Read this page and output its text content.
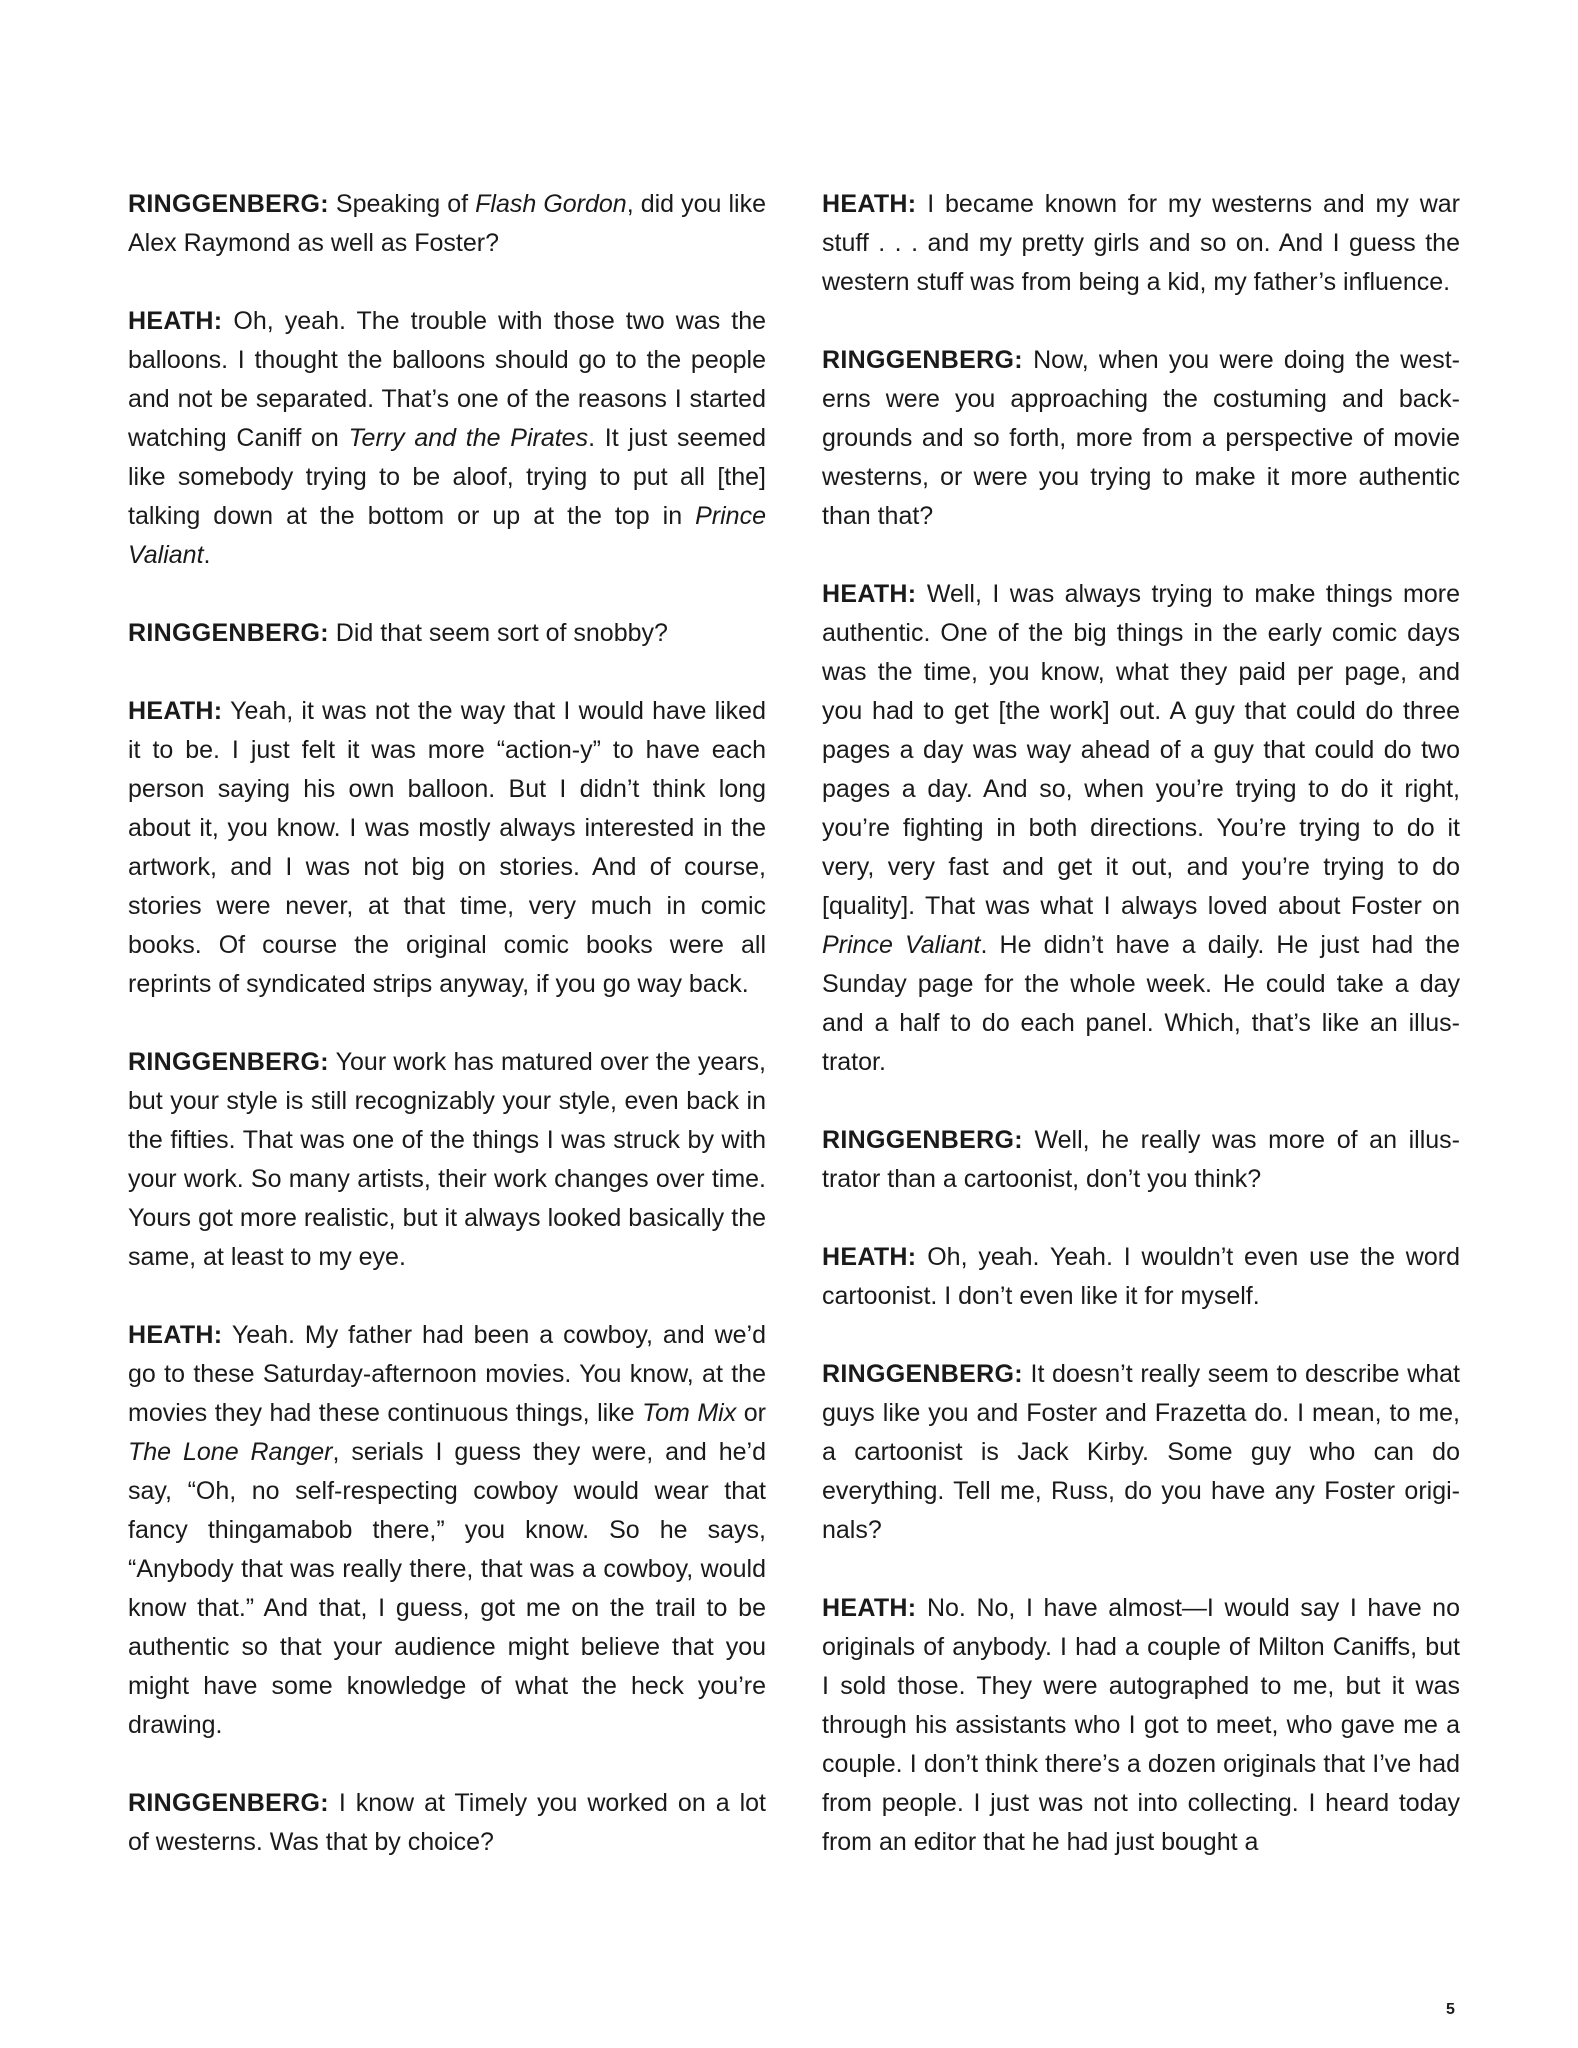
RINGGENBERG: Speaking of Flash Gordon, did you like Alex Raymond as well as Foster?

HEATH: Oh, yeah. The trouble with those two was the balloons. I thought the balloons should go to the people and not be separated. That’s one of the reasons I started watching Caniff on Terry and the Pirates. It just seemed like somebody trying to be aloof, trying to put all [the] talking down at the bottom or up at the top in Prince Valiant.

RINGGENBERG: Did that seem sort of snobby?

HEATH: Yeah, it was not the way that I would have liked it to be. I just felt it was more “action-y” to have each person saying his own balloon. But I didn’t think long about it, you know. I was mostly always interested in the artwork, and I was not big on stories. And of course, stories were never, at that time, very much in comic books. Of course the original comic books were all reprints of syndicated strips anyway, if you go way back.

RINGGENBERG: Your work has matured over the years, but your style is still recognizably your style, even back in the fifties. That was one of the things I was struck by with your work. So many artists, their work changes over time. Yours got more realistic, but it always looked basically the same, at least to my eye.

HEATH: Yeah. My father had been a cowboy, and we’d go to these Saturday-afternoon movies. You know, at the movies they had these continuous things, like Tom Mix or The Lone Ranger, serials I guess they were, and he’d say, “Oh, no self-respecting cowboy would wear that fancy thingamabob there,” you know. So he says, “Anybody that was really there, that was a cowboy, would know that.” And that, I guess, got me on the trail to be authentic so that your audience might believe that you might have some knowledge of what the heck you’re drawing.

RINGGENBERG: I know at Timely you worked on a lot of westerns. Was that by choice?

HEATH: I became known for my westerns and my war stuff . . . and my pretty girls and so on. And I guess the western stuff was from being a kid, my father’s influence.

RINGGENBERG: Now, when you were doing the westerns were you approaching the costuming and backgrounds and so forth, more from a perspective of movie westerns, or were you trying to make it more authentic than that?

HEATH: Well, I was always trying to make things more authentic. One of the big things in the early comic days was the time, you know, what they paid per page, and you had to get [the work] out. A guy that could do three pages a day was way ahead of a guy that could do two pages a day. And so, when you’re trying to do it right, you’re fighting in both directions. You’re trying to do it very, very fast and get it out, and you’re trying to do [quality]. That was what I always loved about Foster on Prince Valiant. He didn’t have a daily. He just had the Sunday page for the whole week. He could take a day and a half to do each panel. Which, that’s like an illustrator.

RINGGENBERG: Well, he really was more of an illustrator than a cartoonist, don’t you think?

HEATH: Oh, yeah. Yeah. I wouldn’t even use the word cartoonist. I don’t even like it for myself.

RINGGENBERG: It doesn’t really seem to describe what guys like you and Foster and Frazetta do. I mean, to me, a cartoonist is Jack Kirby. Some guy who can do everything. Tell me, Russ, do you have any Foster originals?

HEATH: No. No, I have almost—I would say I have no originals of anybody. I had a couple of Milton Caniffs, but I sold those. They were autographed to me, but it was through his assistants who I got to meet, who gave me a couple. I don’t think there’s a dozen originals that I’ve had from people. I just was not into collecting. I heard today from an editor that he had just bought a

5
